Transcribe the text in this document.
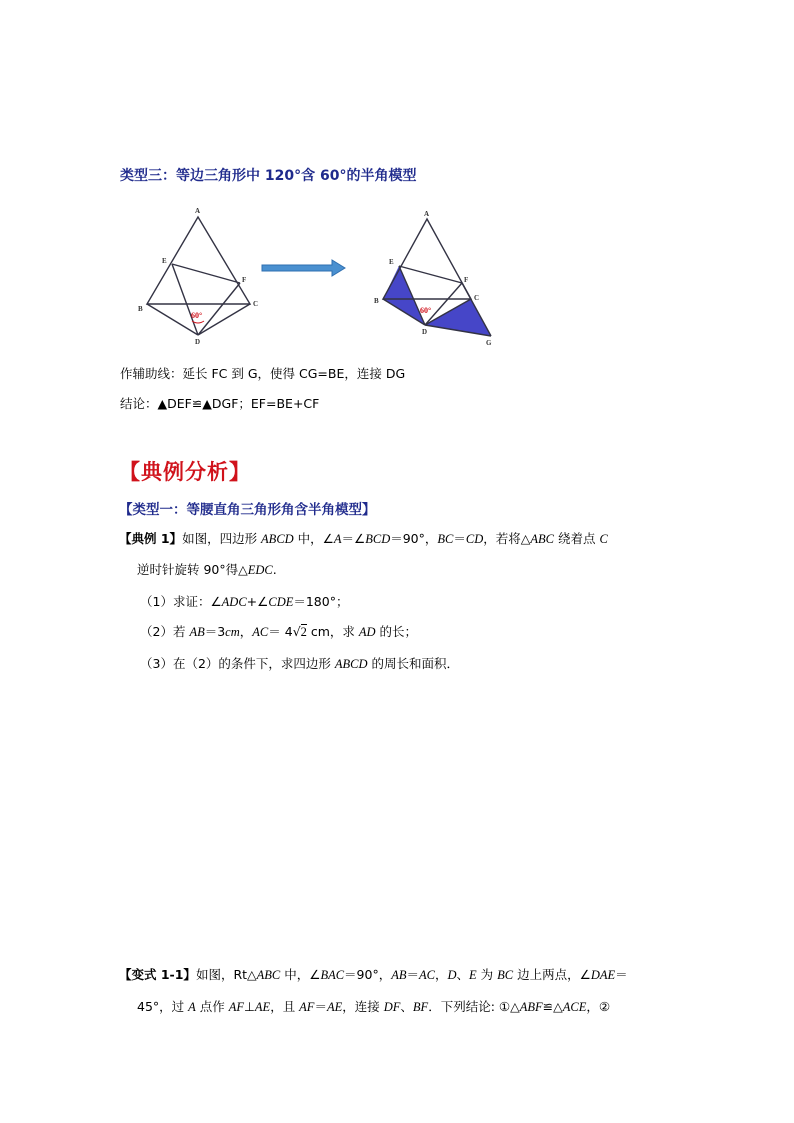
类型三：等边三角形中 120°含 60°的半角模型
A
E
F
B
C
D
60°
A
E
F
B	C
D
G
60°
作辅助线：延长 FC 到 G，使得 CG=BE，连接 DG
结论：▲DEF≌▲DGF；EF=BE+CF
【典例分析】
【类型一：等腰直角三角形角含半角模型】
【典例 1】如图，四边形 ABCD 中，∠A＝∠BCD＝90°，BC＝CD，若将△ABC 绕着点 C
逆时针旋转 90°得△EDC.
（1）求证：∠ADC+∠CDE＝180°；
（2）若 AB＝3cm，AC＝ 4√2 cm，求 AD 的长；
（3）在（2）的条件下，求四边形 ABCD 的周长和面积．
【变式 1-1】如图，Rt△ABC 中，∠BAC＝90°，AB＝AC，D、E 为 BC 边上两点，∠DAE＝
45°，过 A 点作 AF⊥AE，且 AF＝AE，连接 DF、BF．下列结论: ①△ABF≌△ACE，②
